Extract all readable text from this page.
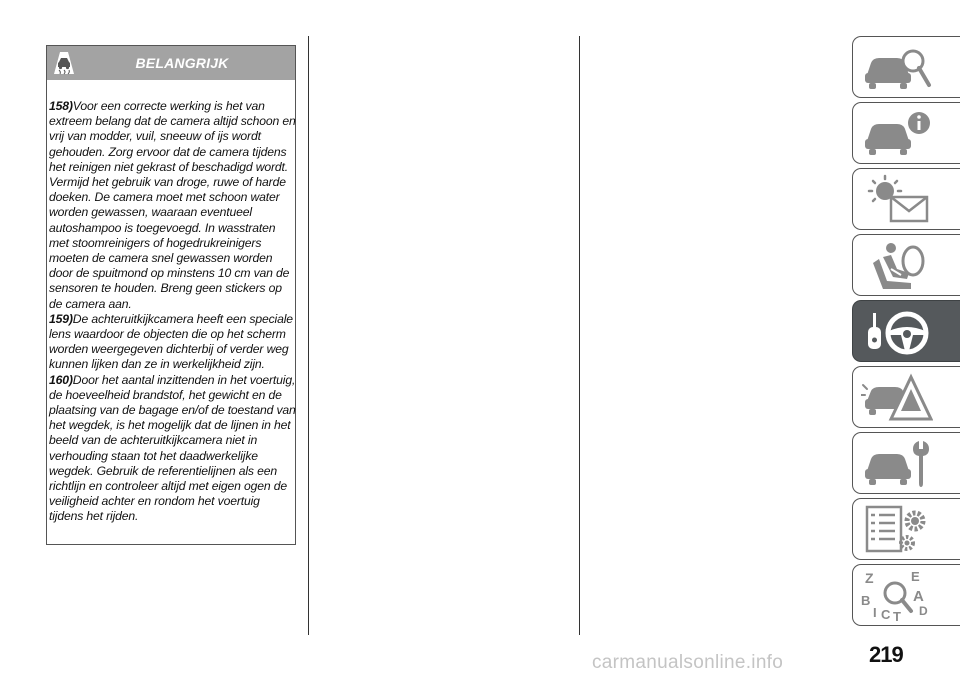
BELANGRIJK

158)Voor een correcte werking is het van extreem belang dat de camera altijd schoon en vrij van modder, vuil, sneeuw of ijs wordt gehouden. Zorg ervoor dat de camera tijdens het reinigen niet gekrast of beschadigd wordt. Vermijd het gebruik van droge, ruwe of harde doeken. De camera moet met schoon water worden gewassen, waaraan eventueel autoshampoo is toegevoegd. In wasstraten met stoomreinigers of hogedrukreinigers moeten de camera snel gewassen worden door de spuitmond op minstens 10 cm van de sensoren te houden. Breng geen stickers op de camera aan.

159)De achteruitkijkcamera heeft een speciale lens waardoor de objecten die op het scherm worden weergegeven dichterbij of verder weg kunnen lijken dan ze in werkelijkheid zijn.

160)Door het aantal inzittenden in het voertuig, de hoeveelheid brandstof, het gewicht en de plaatsing van de bagage en/of de toestand van het wegdek, is het mogelijk dat de lijnen in het beeld van de achteruitkijkcamera niet in verhouding staan tot het daadwerkelijke wegdek. Gebruik de referentielijnen als een richtlijn en controleer altijd met eigen ogen de veiligheid achter en rondom het voertuig tijdens het rijden.

Z	E
A
B
D
C
I T
219
carmanualsonline.info
